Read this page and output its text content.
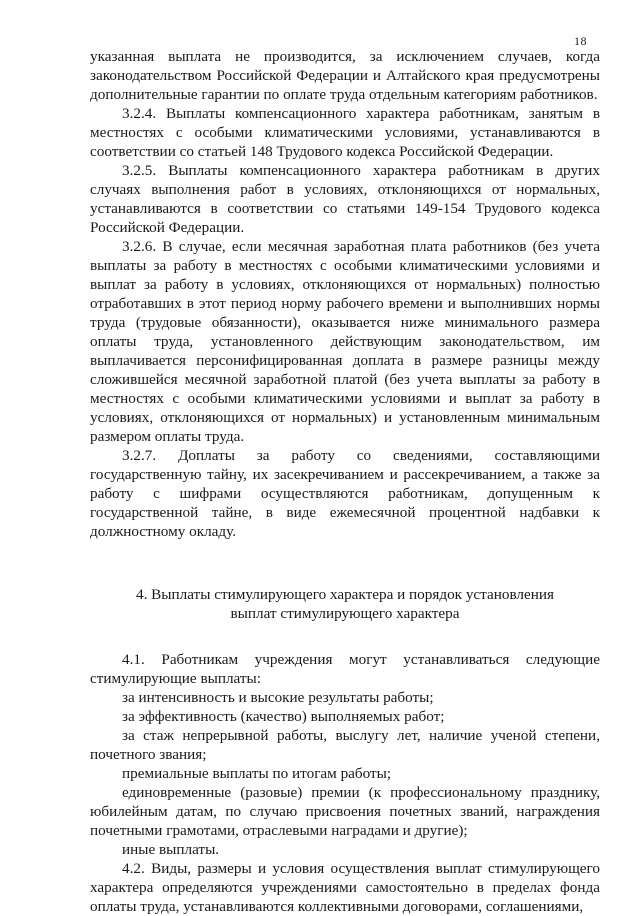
18

указанная выплата не производится, за исключением случаев, когда законодательством Российской Федерации и Алтайского края предусмотрены дополнительные гарантии по оплате труда отдельным категориям работников.

3.2.4. Выплаты компенсационного характера работникам, занятым в местностях с особыми климатическими условиями, устанавливаются в соответствии со статьей 148 Трудового кодекса Российской Федерации.

3.2.5. Выплаты компенсационного характера работникам в других случаях выполнения работ в условиях, отклоняющихся от нормальных, устанавливаются в соответствии со статьями 149-154 Трудового кодекса Российской Федерации.

3.2.6. В случае, если месячная заработная плата работников (без учета выплаты за работу в местностях с особыми климатическими условиями и выплат за работу в условиях, отклоняющихся от нормальных) полностью отработавших в этот период норму рабочего времени и выполнивших нормы труда (трудовые обязанности), оказывается ниже минимального размера оплаты труда, установленного действующим законодательством, им выплачивается персонифицированная доплата в размере разницы между сложившейся месячной заработной платой (без учета выплаты за работу в местностях с особыми климатическими условиями и выплат за работу в условиях, отклоняющихся от нормальных) и установленным минимальным размером оплаты труда.

3.2.7. Доплаты за работу со сведениями, составляющими государственную тайну, их засекречиванием и рассекречиванием, а также за работу с шифрами осуществляются работникам, допущенным к государственной тайне, в виде ежемесячной процентной надбавки к должностному окладу.

4. Выплаты стимулирующего характера и порядок установления

выплат стимулирующего характера

4.1. Работникам учреждения могут устанавливаться следующие стимулирующие выплаты:

за интенсивность и высокие результаты работы;

за эффективность (качество) выполняемых работ;

за стаж непрерывной работы, выслугу лет, наличие ученой степени, почетного звания;

премиальные выплаты по итогам работы;

единовременные (разовые) премии (к профессиональному празднику, юбилейным датам, по случаю присвоения почетных званий, награждения почетными грамотами, отраслевыми наградами и другие);

иные выплаты.

4.2. Виды, размеры и условия осуществления выплат стимулирующего характера определяются учреждениями самостоятельно в пределах фонда оплаты труда, устанавливаются коллективными договорами, соглашениями,
